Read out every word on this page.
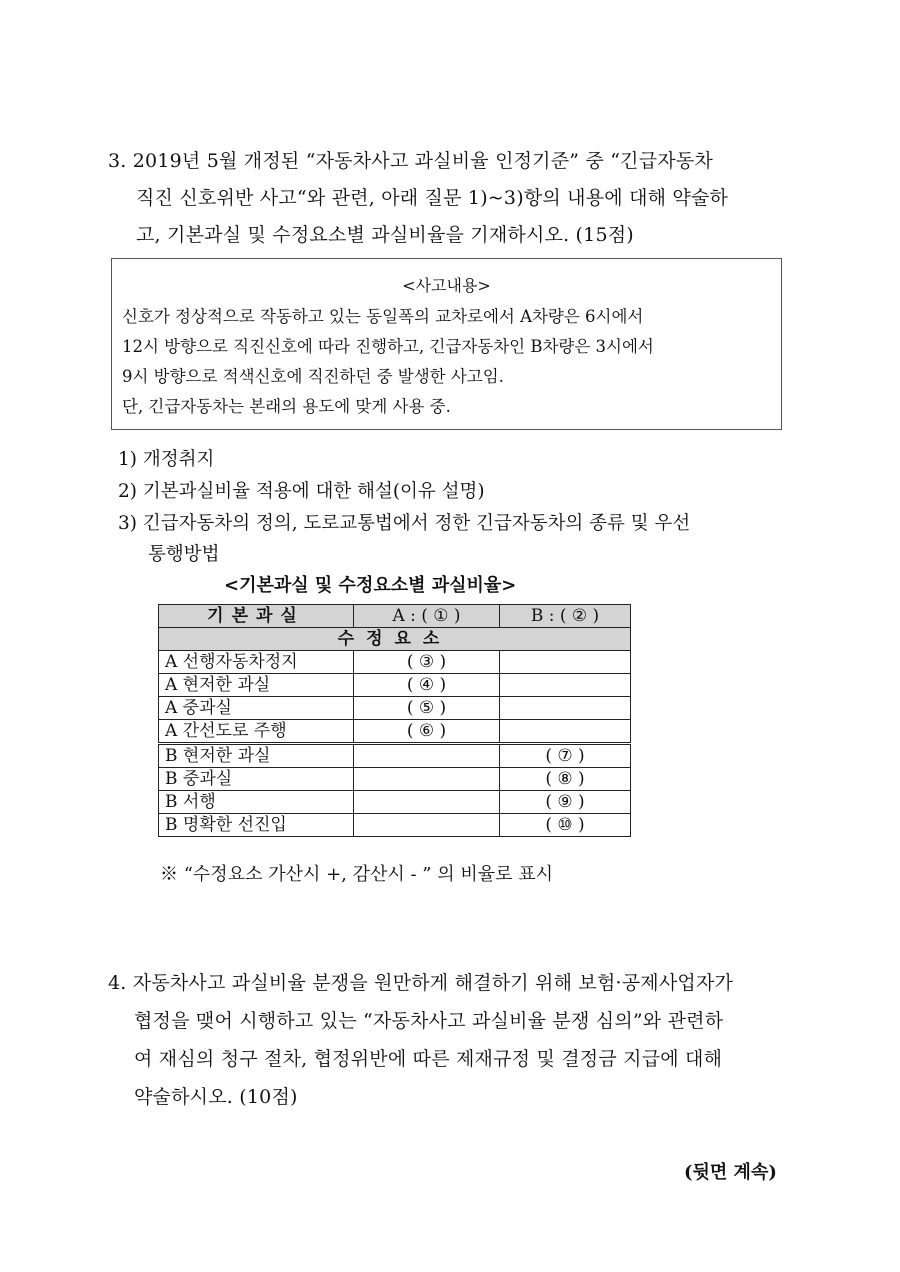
3. 2019년 5월 개정된 “자동차사고 과실비율 인정기준” 중 “긴급자동차
직진 신호위반 사고“와 관련, 아래 질문 1)~3)항의 내용에 대해 약술하
고, 기본과실 및 수정요소별 과실비율을 기재하시오. (15점)
<사고내용>
신호가 정상적으로 작동하고 있는 동일폭의 교차로에서 A차량은 6시에서
12시 방향으로 직진신호에 따라 진행하고, 긴급자동차인 B차량은 3시에서
9시 방향으로 적색신호에 직진하던 중 발생한 사고임.
단, 긴급자동차는 본래의 용도에 맞게 사용 중.
1) 개정취지
2) 기본과실비율 적용에 대한 해설(이유 설명)
3) 긴급자동차의 정의, 도로교통법에서 정한 긴급자동차의 종류 및 우선
통행방법
<기본과실 및 수정요소별 과실비율>
기본과실	A : ( ① )	B : ( ② )
수정요소		
A 선행자동차정지	( ③ )	
A 현저한 과실	( ④ )	
A 중과실	( ⑤ )	
A 간선도로 주행	( ⑥ )	
B 현저한 과실		( ⑦ )
B 중과실		( ⑧ )
B 서행		( ⑨ )
B 명확한 선진입		( ⑩ )
※ “수정요소 가산시 +, 감산시 - ” 의 비율로 표시
4. 자동차사고 과실비율 분쟁을 원만하게 해결하기 위해 보험·공제사업자가
협정을 맺어 시행하고 있는 “자동차사고 과실비율 분쟁 심의”와 관련하
여 재심의 청구 절차, 협정위반에 따른 제재규정 및 결정금 지급에 대해
약술하시오. (10점)
(뒷면 계속)
